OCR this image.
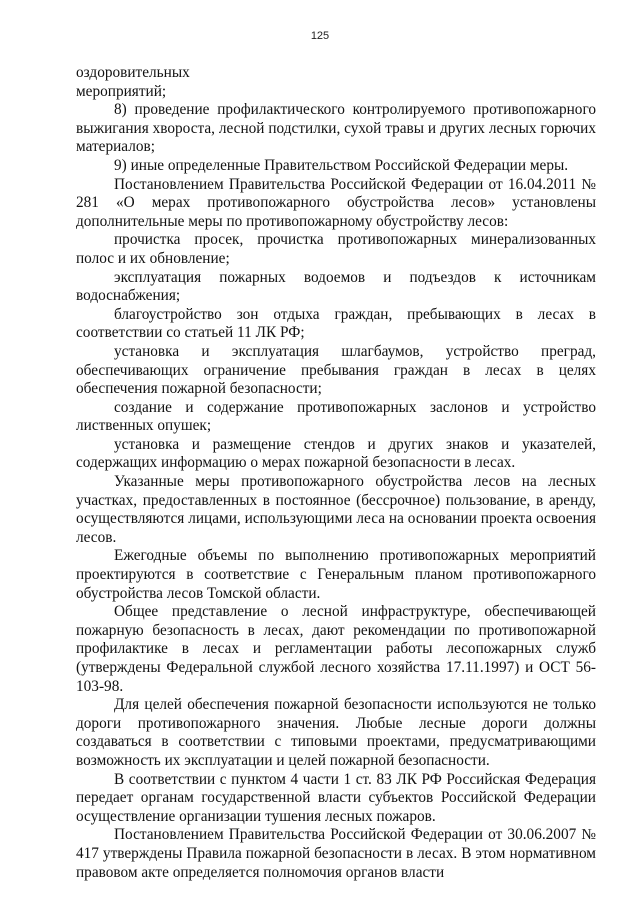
125

оздоровительных

мероприятий;

8) проведение профилактического контролируемого противопожарного выжигания хвороста, лесной подстилки, сухой травы и других лесных горючих материалов;

9) иные определенные Правительством Российской Федерации меры.

Постановлением Правительства Российской Федерации от 16.04.2011 № 281 «О мерах противопожарного обустройства лесов» установлены дополнительные меры по противопожарному обустройству лесов:

прочистка просек, прочистка противопожарных минерализованных полос и их обновление;

эксплуатация пожарных водоемов и подъездов к источникам водоснабжения;

благоустройство зон отдыха граждан, пребывающих в лесах в соответствии со статьей 11 ЛК РФ;

установка и эксплуатация шлагбаумов, устройство преград, обеспечивающих ограничение пребывания граждан в лесах в целях обеспечения пожарной безопасности;

создание и содержание противопожарных заслонов и устройство лиственных опушек;

установка и размещение стендов и других знаков и указателей, содержащих информацию о мерах пожарной безопасности в лесах.

Указанные меры противопожарного обустройства лесов на лесных участках, предоставленных в постоянное (бессрочное) пользование, в аренду, осуществляются лицами, использующими леса на основании проекта освоения лесов.

Ежегодные объемы по выполнению противопожарных мероприятий проектируются в соответствие с Генеральным планом противопожарного обустройства лесов Томской области.

Общее представление о лесной инфраструктуре, обеспечивающей пожарную безопасность в лесах, дают рекомендации по противопожарной профилактике в лесах и регламентации работы лесопожарных служб (утверждены Федеральной службой лесного хозяйства 17.11.1997) и ОСТ 56-103-98.

Для целей обеспечения пожарной безопасности используются не только дороги противопожарного значения. Любые лесные дороги должны создаваться в соответствии с типовыми проектами, предусматривающими возможность их эксплуатации и целей пожарной безопасности.

В соответствии с пунктом 4 части 1 ст. 83 ЛК РФ Российская Федерация передает органам государственной власти субъектов Российской Федерации осуществление организации тушения лесных пожаров.

Постановлением Правительства Российской Федерации от 30.06.2007 № 417 утверждены Правила пожарной безопасности в лесах. В этом нормативном правовом акте определяется полномочия органов власти
